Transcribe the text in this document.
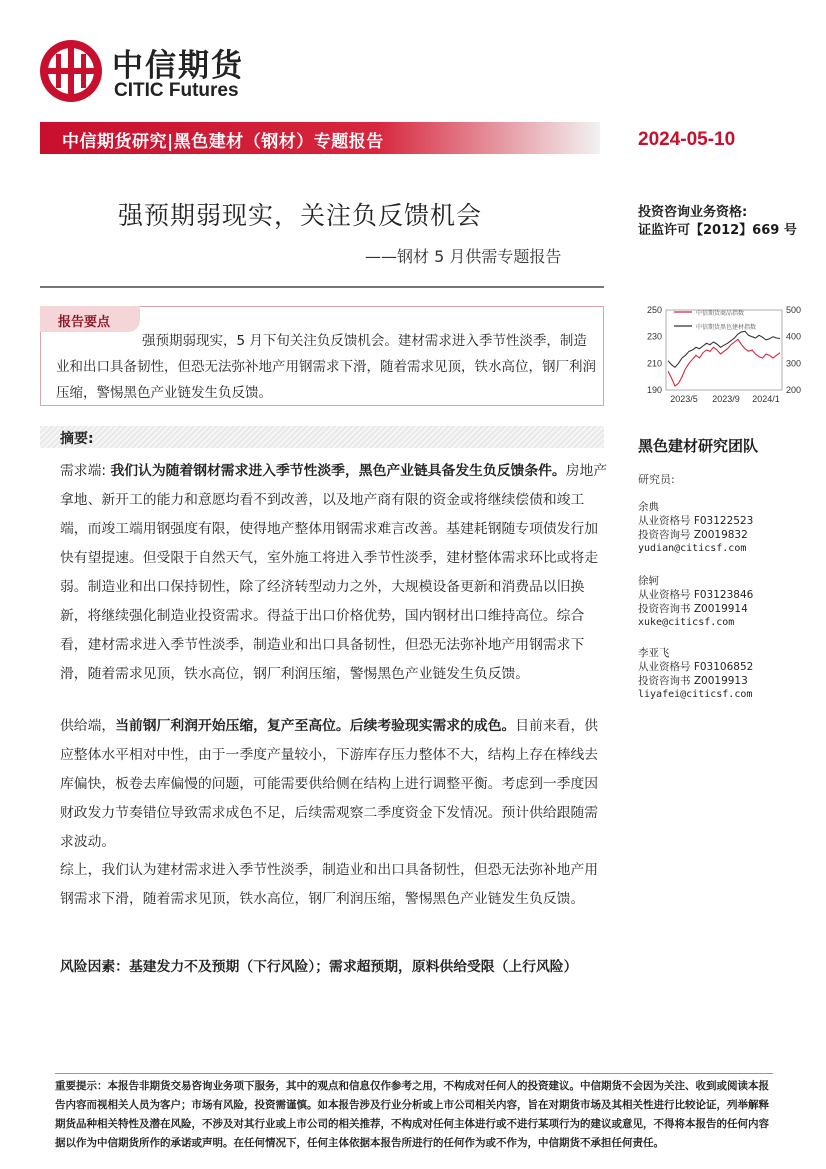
中信期货
CITIC Futures
中信期货研究|黑色建材（钢材）专题报告	2024-05-10
强预期弱现实，关注负反馈机会
——钢材 5 月供需专题报告
投资咨询业务资格:
证监许可【2012】669 号
报告要点
强预期弱现实，5 月下旬关注负反馈机会。建材需求进入季节性淡季，制造业和出口具备韧性，但恐无法弥补地产用钢需求下滑，随着需求见顶，铁水高位，钢厂利润压缩，警惕黑色产业链发生负反馈。
摘要:
需求端: 我们认为随着钢材需求进入季节性淡季，黑色产业链具备发生负反馈条件。房地产拿地、新开工的能力和意愿均看不到改善，以及地产商有限的资金或将继续偿债和竣工端，而竣工端用钢强度有限，使得地产整体用钢需求难言改善。基建耗钢随专项债发行加快有望提速。但受限于自然天气，室外施工将进入季节性淡季，建材整体需求环比或将走弱。制造业和出口保持韧性，除了经济转型动力之外，大规模设备更新和消费品以旧换新，将继续强化制造业投资需求。得益于出口价格优势，国内钢材出口维持高位。综合看，建材需求进入季节性淡季，制造业和出口具备韧性，但恐无法弥补地产用钢需求下滑，随着需求见顶，铁水高位，钢厂利润压缩，警惕黑色产业链发生负反馈。
供给端，当前钢厂利润开始压缩，复产至高位。后续考验现实需求的成色。目前来看，供应整体水平相对中性，由于一季度产量较小，下游库存压力整体不大，结构上存在棒线去库偏快，板卷去库偏慢的问题，可能需要供给侧在结构上进行调整平衡。考虑到一季度因财政发力节奏错位导致需求成色不足，后续需观察二季度资金下发情况。预计供给跟随需求波动。
综上，我们认为建材需求进入季节性淡季，制造业和出口具备韧性，但恐无法弥补地产用钢需求下滑，随着需求见顶，铁水高位，钢厂利润压缩，警惕黑色产业链发生负反馈。
风险因素：基建发力不及预期（下行风险）；需求超预期，原料供给受限（上行风险）
250
230
210
190
500
400
300
200
2023/5 2023/9 2024/1
中信期货商品指数
中信期货黑色建材指数
黑色建材研究团队
研究员:
余典
从业资格号 F03122523
投资咨询号 Z0019832
yudian@citicsf.com
徐轲
从业资格号 F03123846
投资咨询书 Z0019914
xuke@citicsf.com
李亚飞
从业资格号 F03106852
投资咨询书 Z0019913
liyafei@citicsf.com
重要提示：本报告非期货交易咨询业务项下服务，其中的观点和信息仅作参考之用，不构成对任何人的投资建议。中信期货不会因为关注、收到或阅读本报告内容而视相关人员为客户；市场有风险，投资需谨慎。如本报告涉及行业分析或上市公司相关内容，旨在对期货市场及其相关性进行比较论证，列举解释期货品种相关特性及潜在风险，不涉及对其行业或上市公司的相关推荐，不构成对任何主体进行或不进行某项行为的建议或意见，不得将本报告的任何内容据以作为中信期货所作的承诺或声明。在任何情况下，任何主体依据本报告所进行的任何作为或不作为，中信期货不承担任何责任。
